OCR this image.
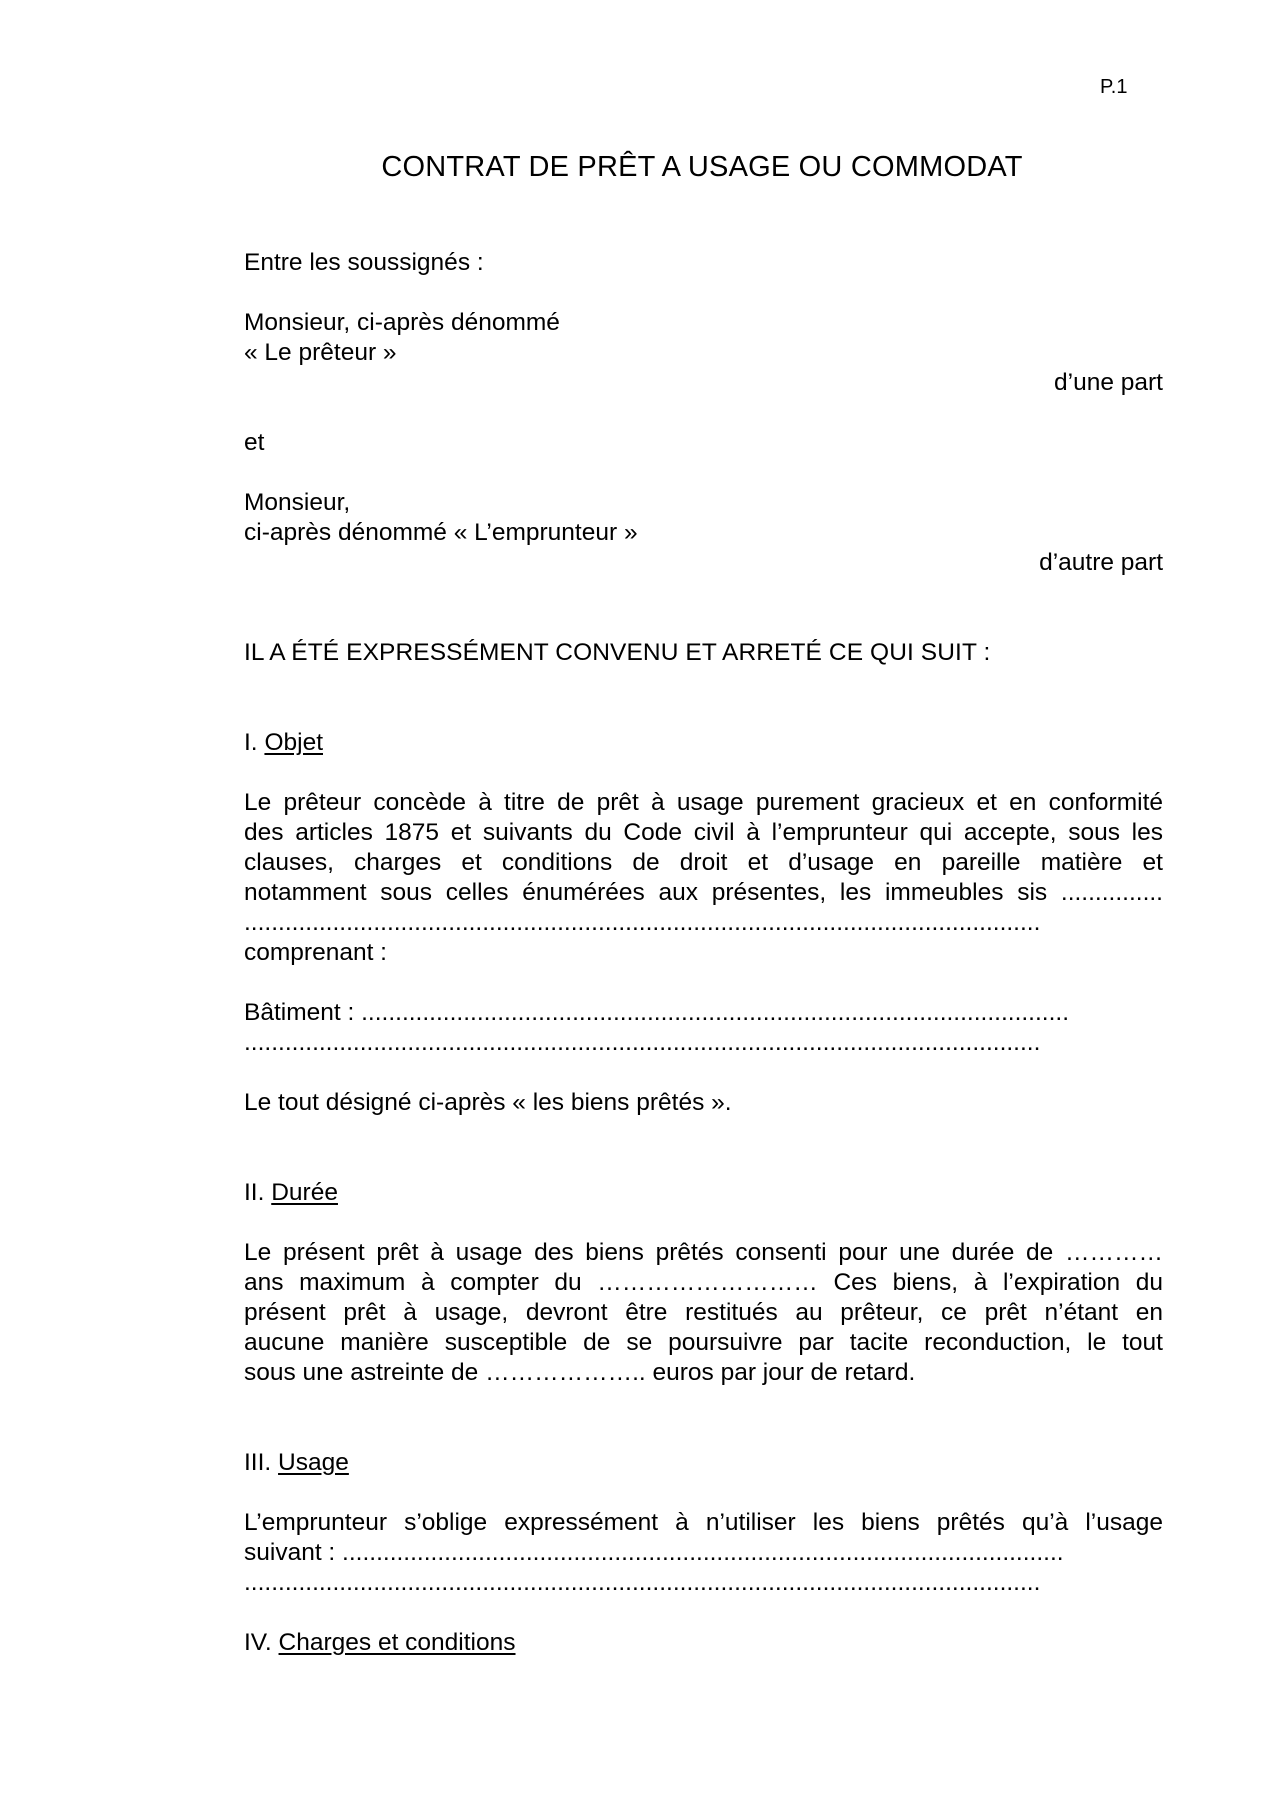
P.1
CONTRAT DE PRÊT A USAGE OU COMMODAT

Entre les soussignés :

Monsieur, ci-après dénommé

« Le prêteur »

d’une part

et

Monsieur,

ci-après dénommé « L’emprunteur »

d’autre part

IL A ÉTÉ EXPRESSÉMENT CONVENU ET ARRETÉ CE QUI SUIT :

I. Objet

Le prêteur concède à titre de prêt à usage purement gracieux et en conformité

des articles 1875 et suivants du Code civil à l’emprunteur qui accepte, sous les

clauses, charges et conditions de droit et d’usage en pareille matière et

notamment sous celles énumérées aux présentes, les immeubles sis ...............

.....................................................................................................................

comprenant :

Bâtiment : ........................................................................................................

.....................................................................................................................

Le tout désigné ci-après « les biens prêtés ».

II. Durée

Le présent prêt à usage des biens prêtés consenti pour une durée de …………

ans maximum à compter du ……………………… Ces biens, à l’expiration du

présent prêt à usage, devront être restitués au prêteur, ce prêt n’étant en

aucune manière susceptible de se poursuivre par tacite reconduction, le tout

sous une astreinte de ……………….. euros par jour de retard.

III. Usage

L’emprunteur s’oblige expressément à n’utiliser les biens prêtés qu’à l’usage

suivant : ..........................................................................................................

.....................................................................................................................

IV. Charges et conditions
